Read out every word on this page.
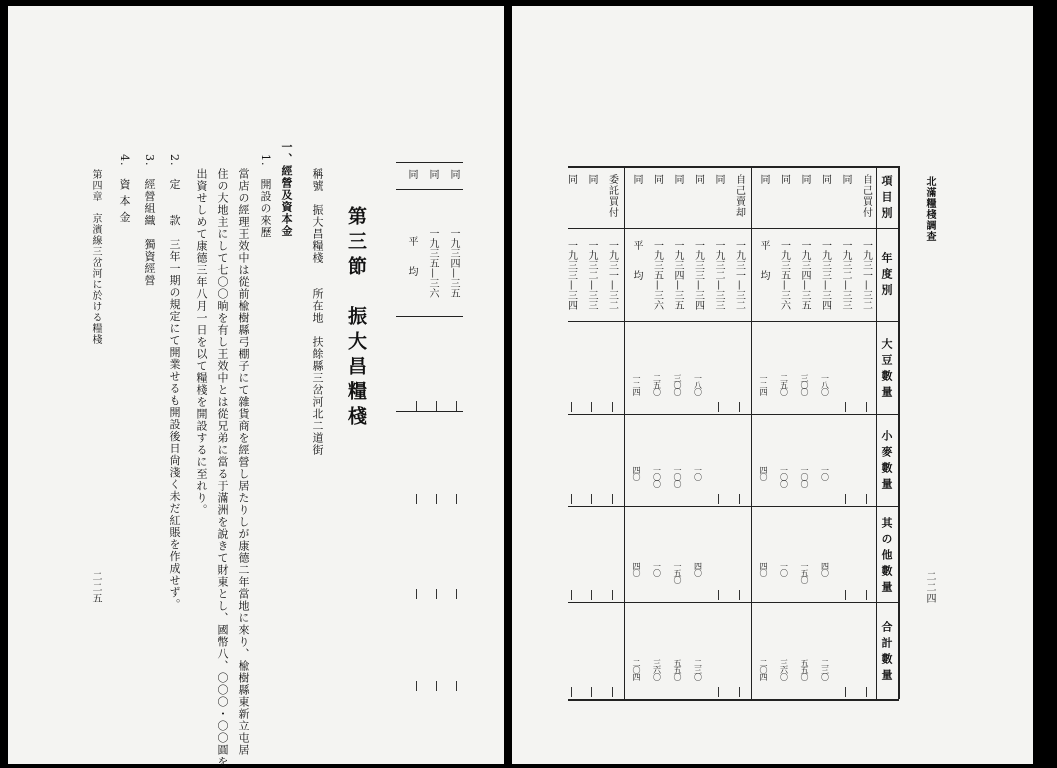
同
同
同
一九三四—三五
一九三五—三六
平　　均
第三節　振大昌糧棧
稱號　振大昌糧棧　　所在地　扶餘縣三岔河北二道街
一、經營及資本金
1.　開設の來歷
當店の經理王效中は從前楡樹縣弓棚子にて雜貨商を經營し居たりしが康德二年當地に來り、楡樹縣東新立屯居
住の大地主にして七〇〇晌を有し王效中とは從兄弟に當る于滿洲を說きて財東とし、國幣八、〇〇〇・〇〇圓を
出資せしめて康德三年八月一日を以て糧棧を開設するに至れり。
2.　定　　款　三年一期の規定にて開業せるも開設後日尙淺く未だ紅賬を作成せず。
3.　經營組織　獨資經營
4.　資 本 金
第四章　京濱線三岔河に於ける糧棧
二二五
北滿糧棧調查
二二四
項目別
年度別
大豆數量
小麥數量
其の他數量
合計數量
自己買付
一九三一—三二
同
一九三二—三三
同
一九三三—三四
一八〇
一〇
四〇
二三〇
同
一九三四—三五
三〇〇
一〇〇
一五〇
五五〇
同
一九三五—三六
二五〇
一〇〇
一〇
三六〇
同
平　　均
一二四
四〇
四〇
二〇四
自己賣却
一九三一—三二
同
一九三二—三三
同
一九三三—三四
一八〇
一〇
四〇
二三〇
同
一九三四—三五
三〇〇
一〇〇
一五〇
五五〇
同
一九三五—三六
二五〇
一〇〇
一〇
三六〇
同
平　　均
一二四
四〇
四〇
二〇四
委託買付
一九三一—三二
同
一九三二—三三
同
一九三三—三四
